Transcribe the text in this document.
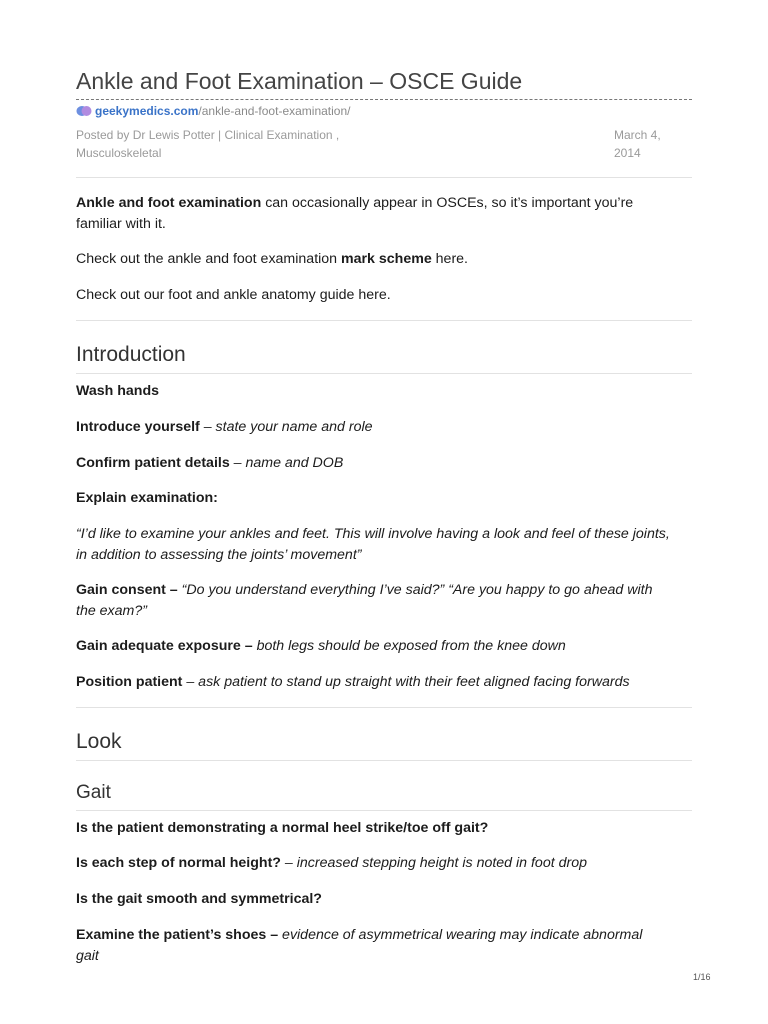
Ankle and Foot Examination – OSCE Guide
geekymedics.com /ankle-and-foot-examination/
Posted by Dr Lewis Potter | Clinical Examination ,
Musculoskeletal
March 4,
2014

Ankle and foot examination can occasionally appear in OSCEs, so it’s important you’re
familiar with it.

Check out the ankle and foot examination mark scheme here.

Check out our foot and ankle anatomy guide here.

Introduction

Wash hands

Introduce yourself – state your name and role

Confirm patient details – name and DOB

Explain examination:

“I’d like to examine your ankles and feet. This will involve having a look and feel of these joints,
in addition to assessing the joints’ movement”

Gain consent – “Do you understand everything I’ve said?” “Are you happy to go ahead with
the exam?”

Gain adequate exposure – both legs should be exposed from the knee down

Position patient – ask patient to stand up straight with their feet aligned facing forwards

Look
Gait

Is the patient demonstrating a normal heel strike/toe off gait?

Is each step of normal height? – increased stepping height is noted in foot drop

Is the gait smooth and symmetrical?

Examine the patient’s shoes – evidence of asymmetrical wearing may indicate abnormal
gait

1/16
